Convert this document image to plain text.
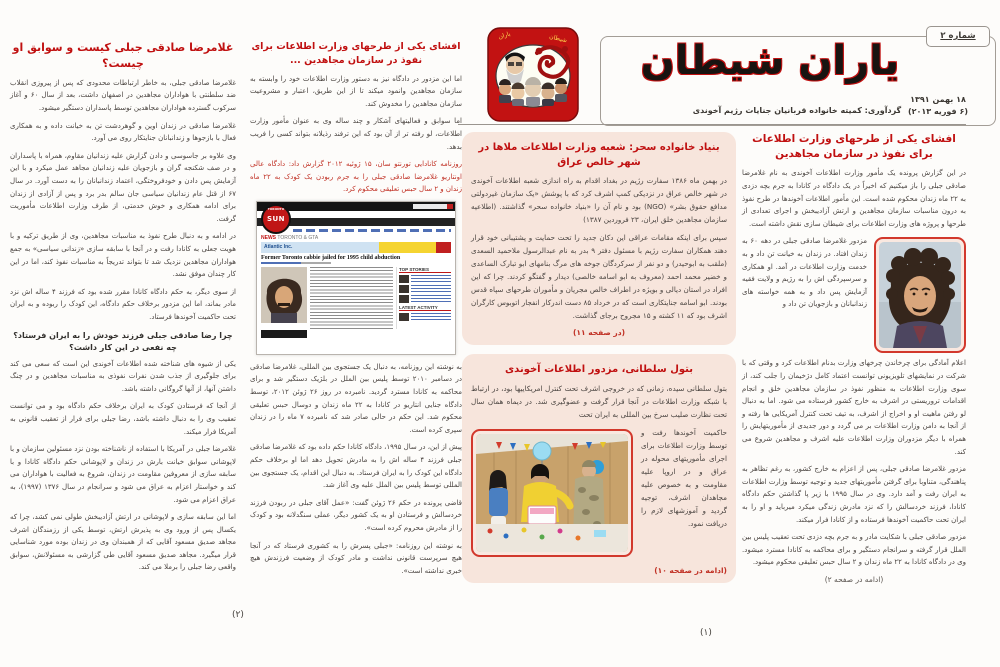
یاران	شیطان	یاران شیطان
گردآوری: کمیته خانواده قربانیان جنایات رژیم آخوندی
شماره ۲
۱۸ بهمن ۱۳۹۱
(۶ فوریه ۲۰۱۳)
غلامرضا صادقی جبلی کیست و سوابق او چیست؟

غلامرضا صادقی جبلی، به خاطر ارتباطات محدودی که پس از پیروزی انقلاب ضد سلطنتی با هواداران مجاهدین در اصفهان داشت، بعد از سال ۶۰ و آغاز سرکوب گسترده هواداران مجاهدین توسط پاسداران دستگیر میشود.

غلامرضا صادقی در زندان اوین و گوهردشت تن به خیانت داده و به همکاری فعال با بازجوها و زندانبانان جنایتکار روی می آورد.

وی علاوه بر جاسوسی و دادن گزارش علیه زندانیان مقاوم، همراه با پاسداران و در صف شکنجه گران و بازجویان علیه زندانیان مجاهد عمل میکرد و با این آزمایش پس دادن و خودفروختگی، اعتماد زندانبانان را به دست آورد. در سال ۶۷ از قتل عام زندانیان سیاسی جان سالم بدر برد و پس از آزادی از زندان برای ادامه همکاری و خوش خدمتی، از طرف وزارت اطلاعات مأموریت گرفت.

در ادامه و به دنبال طرح نفوذ به مناسبات مجاهدین، وی از طریق ترکیه و با هویت جعلی به کانادا رفت و در آنجا با سابقه سازی «زندانی سیاسی» به جمع هواداران مجاهدین نزدیک شد تا بتواند تدریجاً به مناسبات نفوذ کند، اما در این کار چندان موفق نشد.

از سوی دیگر، به حکم دادگاه کانادا مقرر شده بود که فرزند ۴ ساله اش نزد مادر بماند، اما این مزدور برخلاف حکم دادگاه، این کودک را ربوده و به ایران تحت حاکمیت آخوندها فرستاد.

چرا رضا صادقی جبلی فرزند خودش را به ایران فرستاد؟ چه نفعی در این کار داشت؟

یکی از شیوه های شناخته شده اطلاعات آخوندی این است که سعی می کند برای جلوگیری از جذب شدن نفرات نفوذی به مناسبات مجاهدین و در چنگ داشتن آنها، از آنها گروگانی داشته باشد.

از آنجا که فرستادن کودک به ایران برخلاف حکم دادگاه بود و می توانست تعقیب وی را به دنبال داشته باشد، رضا جبلی برای فرار از تعقیب قانونی به آمریکا فرار میکند.

غلامرضا جبلی در آمریکا با استفاده از ناشناخته بودن نزد مسئولین سازمان و با لاپوشانی سوابق خیانت بارش در زندان و لاپوشانی حکم دادگاه کانادا و با سابقه سازی از معروفین مقاومت در زندان، شروع به فعالیت با هواداران می کند و خواستار اعزام به عراق می شود و سرانجام در سال ۱۳۷۶ (۱۹۹۷)، به عراق اعزام می شود.

اما این سابقه سازی و لاپوشانی در ارتش آزادیبخش طولی نمی کشد، چرا که یکسال پس از ورود وی به پذیرش ارتش، توسط یکی از رزمندگان اشرف مجاهد صدیق مسعود آقایی که از همبندان وی در زندان بوده مورد شناسایی قرار میگیرد. مجاهد صدیق مسعود آقایی طی گزارشی به مسئولانش، سوابق واقعی رضا جبلی را برملا می کند.

افشای یکی از طرحهای وزارت اطلاعات برای نفوذ در سازمان مجاهدین ...

اما این مزدور در دادگاه نیز به دستور وزارت اطلاعات خود را وابسته به سازمان مجاهدین وانمود میکند تا از این طریق، اعتبار و مشروعیت سازمان مجاهدین را مخدوش کند.

اما سوابق و فعالیتهای آشکار و چند ساله وی به عنوان مأمور وزارت اطلاعات، لو رفته تر از آن بود که این ترفند رذیلانه بتواند کسی را فریب بدهد.

روزنامه کانادایی تورنتو سان، ۱۵ ژوئیه ۲۰۱۲ گزارش داد: دادگاه عالی اونتاریو غلامرضا صادقی جبلی را به جرم ربودن یک کودک به ۲۲ ماه زندان و ۲ سال حبس تعلیقی محکوم کرد.

TORONTO
SUN
NEWS TORONTO & GTA
Atlantic Inc.
Former Toronto cabbie jailed for 1995 child abduction
TOP STORIES
LATEST ACTIVITY

به نوشته این روزنامه، به دنبال یک جستجوی بین المللی، غلامرضا صادقی در دسامبر ۲۰۱۰ توسط پلیس بین الملل در بلژیک دستگیر شد و برای محاکمه به کانادا مسترد گردید. نامبرده در روز ۲۶ ژوئن ۲۰۱۲، توسط دادگاه جنایی انتاریو در کانادا به ۲۲ ماه زندان و دوسال حبس تعلیقی محکوم شد. این حکم در حالی صادر شد که نامبرده ۷ ماه را در زندان سپری کرده است.

پیش از این، در سال ۱۹۹۵، دادگاه کانادا حکم داده بود که غلامرضا صادقی جبلی فرزند ۴ ساله اش را به مادرش تحویل دهد اما او برخلاف حکم دادگاه این کودک را به ایران فرستاد. به دنبال این اقدام، یک جستجوی بین المللی توسط پلیس بین الملل علیه وی آغاز شد.

قاضی پرونده در حکم ۲۶ ژوئن گفت: «عمل آقای جبلی در ربودن فرزند خردسالش و فرستادن او به یک کشور دیگر، عملی سنگدلانه بود و کودک را از مادرش محروم کرده است».

به نوشته این روزنامه: «جبلی پسرش را به کشوری فرستاد که در آنجا هیچ سرپرست قانونی نداشت و مادر کودک از وضعیت فرزندش هیچ خبری نداشته است».

بنیاد خانواده سحر: شعبه وزارت اطلاعات ملاها در شهر خالص عراق

در بهمن ماه ۱۳۸۶ سفارت رژیم در بغداد اقدام به راه اندازی شعبه اطلاعات آخوندی در شهر خالص عراق در نزدیکی کمپ اشرف کرد که با پوشش «یک سازمان غیردولتی مدافع حقوق بشر» (NGO) بود و نام آن را «بنیاد خانواده سحر» گذاشتند. (اطلاعیه سازمان مجاهدین خلق ایران، ۲۳ فروردین ۱۳۸۷)

سپس برای اینکه مقامات عراقی این دکان جدید را تحت حمایت و پشتیبانی خود قرار دهند همکاران سفارت رژیم با مسئول دفتر ۹ بدر به نام عبدالرسول ملاحمید السعدی (ملقب به ابوحیدر) و دو نفر از سرکردگان جوخه های مرگ بنامهای ابو تبارک الساعدی و خضیر محمد احمد (معروف به ابو اسامه خالصی) دیدار و گفتگو کردند. چرا که این افراد در استان دیالی و بویژه در اطراف خالص مجریان و مأموران طرحهای سپاه قدس بودند. ابو اسامه جنایتکاری است که در خرداد ۸۵ دست اندرکار انفجار اتوبوس کارگران اشرف بود که ۱۱ کشته و ۱۵ مجروح برجای گذاشت.

(در صفحه ۱۱)

بتول سلطانی، مزدور اطلاعات آخوندی

بتول سلطانی سیده، زمانی که در خروجی اشرف تحت کنترل امریکاییها بود، در ارتباط با شبکه وزارت اطلاعات در آنجا قرار گرفت و عضوگیری شد. در دیماه همان سال تحت نظارت صلیب سرخ بین المللی به ایران تحت

حاکمیت آخوندها رفت و توسط وزارت اطلاعات برای اجرای مأموریتهای محوله در عراق و در اروپا علیه مقاومت و به خصوص علیه مجاهدان اشرف، توجیه گردید و آموزشهای لازم را دریافت نمود.

(ادامه در صفحه ۱۰)

افشای یکی از طرحهای وزارت اطلاعات برای نفوذ در سازمان مجاهدین

در این گزارش پرونده یک مأمور وزارت اطلاعات آخوندی به نام غلامرضا صادقی جبلی را باز میکنیم که اخیراً در یک دادگاه در کانادا به جرم بچه دزدی به ۲۲ ماه زندان محکوم شده است. این مأمور اطلاعات آخوندها در طرح نفوذ به درون مناسبات سازمان مجاهدین و ارتش آزادیبخش و اجرای تعدادی از طرحها و پروژه های وزارت اطلاعات برای شیطان سازی نقش داشته است.

مزدور غلامرضا صادقی جبلی در دهه ۶۰ به زندان افتاد. در زندان به خیانت تن داد و به خدمت وزارت اطلاعات در آمد. او همکاری و سرسپردگی اش را به رژیم و ولایت فقیه آزمایش پس داد و به همه خواسته های زندانبانان و بازجویان تن داد و

اعلام آمادگی برای چرخاندن چرخهای وزارت بدنام اطلاعات کرد و وقتی که با شرکت در نمایشهای تلویزیونی توانست اعتماد کامل دژخیمان را جلب کند، از سوی وزارت اطلاعات به منظور نفوذ در سازمان مجاهدین خلق و انجام اقدامات تروریستی در اشرف به خارج کشور فرستاده می شود. اما به دنبال لو رفتن ماهیت او و اخراج از اشرف، به تیف تحت کنترل آمریکایی ها رفته و از آنجا به دامن وزارت اطلاعات بر می گردد و دور جدیدی از مأموریتهایش را همراه با دیگر مزدوران وزارت اطلاعات علیه اشرف و مجاهدین شروع می کند.

مزدور غلامرضا صادقی جبلی، پس از اعزام به خارج کشور، به رغم تظاهر به پناهندگی، متناوبا برای گرفتن مأموریتهای جدید و توجیه توسط وزارت اطلاعات به ایران رفت و آمد دارد. وی در سال ۱۹۹۵ با زیر پا گذاشتن حکم دادگاه کانادا، فرزند خردسالش را که نزد مادرش زندگی میکرد میرباید و او را به ایران تحت حاکمیت آخوندها فرستاده و از کانادا فرار میکند.

مزدور صادقی جبلی با شکایت مادر و به جرم بچه دزدی تحت تعقیب پلیس بین الملل قرار گرفته و سرانجام دستگیر و برای محاکمه به کانادا مسترد میشود. وی در دادگاه کانادا به ۲۲ ماه زندان و ۲ سال حبس تعلیقی محکوم میشود.

(ادامه در صفحه ۲)

(۲)
(۱)
